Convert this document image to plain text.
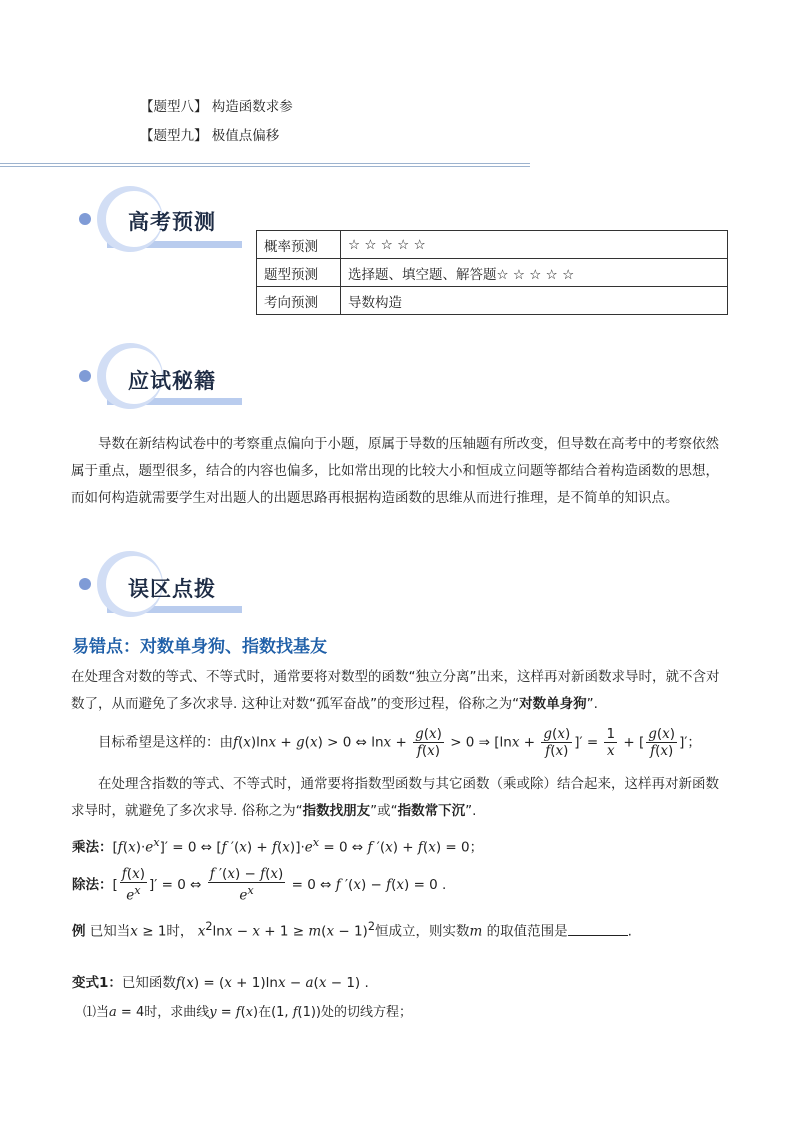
【题型八】 构造函数求参
【题型九】 极值点偏移
高考预测
概率预测	☆ ☆ ☆ ☆ ☆
题型预测	选择题、填空题、解答题☆ ☆ ☆ ☆ ☆
考向预测	导数构造
应试秘籍
导数在新结构试卷中的考察重点偏向于小题，原属于导数的压轴题有所改变，但导数在高考中的考察依然属于重点，题型很多，结合的内容也偏多，比如常出现的比较大小和恒成立问题等都结合着构造函数的思想，而如何构造就需要学生对出题人的出题思路再根据构造函数的思维从而进行推理，是不简单的知识点。
误区点拨
易错点：对数单身狗、指数找基友
在处理含对数的等式、不等式时，通常要将对数型的函数“独立分离”出来，这样再对新函数求导时，就不含对数了，从而避免了多次求导. 这种让对数“孤军奋战”的变形过程，俗称之为“对数单身狗”.
目标希望是这样的：由f(x)lnx + g(x) > 0 ⇔ $\ln x + \frac{g(x)}{f(x)} > 0$ ⇒ [$\ln x + \frac{g(x)}{f(x)}$ ]′ = $\frac{1}{x}$ + [ $\frac{g(x)}{f(x)}$ ]′；
在处理含指数的等式、不等式时，通常要将指数型函数与其它函数（乘或除）结合起来，这样再对新函数求导时，就避免了多次求导. 俗称之为“指数找朋友”或“指数常下沉”.
乘法：$[f(x)\cdot e^x]' = 0$ ⇔ [f $'(x) + f(x)]\cdot e^x = 0$ ⇔ f ′(x) + f(x) = 0；
除法：[ $\frac{f(x)}{e^x}$ ]′ = 0 ⇔ $\frac{f '(x) - f(x)}{e^x} = 0$ ⇔ f ′(x) − f(x) = 0 .
例 已知当x ≥ 1时， $x^2\ln x - x + 1 \ge m(x - 1)^2$恒成立，则实数m 的取值范围是	.
变式1：已知函数f(x) = (x + 1)lnx − a(x − 1) .
⑴当a = 4时，求曲线y = f(x)在(1, f(1))处的切线方程；
